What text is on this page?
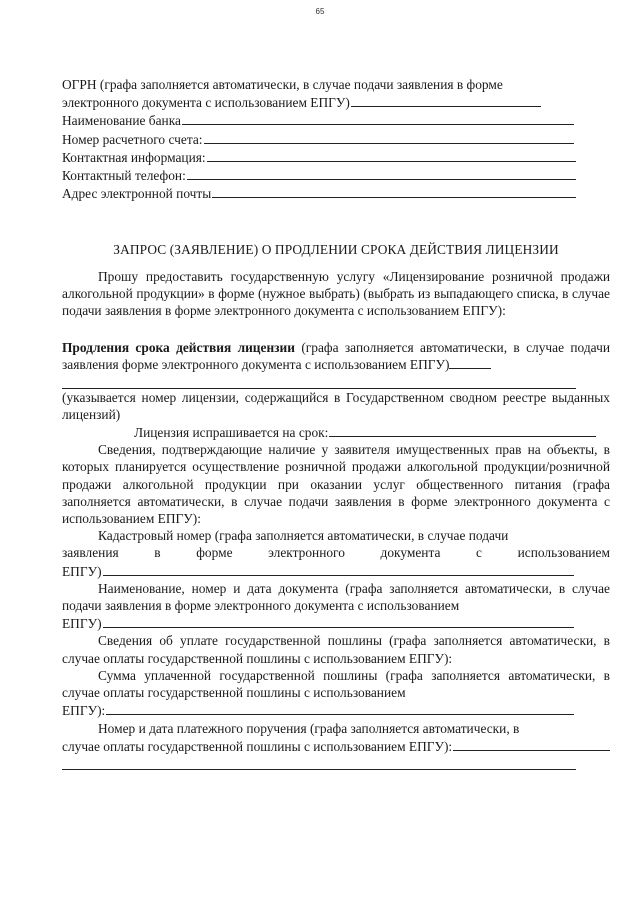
65

ОГРН (графа заполняется автоматически, в случае подачи заявления в форме

электронного документа с использованием ЕПГУ)
Наименование банка
Номер расчетного счета:
Контактная информация:
Контактный телефон:
Адрес электронной почты

ЗАПРОС (ЗАЯВЛЕНИЕ) О ПРОДЛЕНИИ СРОКА ДЕЙСТВИЯ ЛИЦЕНЗИИ

Прошу предоставить государственную услугу «Лицензирование розничной продажи алкогольной продукции» в форме (нужное выбрать) (выбрать из выпадающего списка, в случае подачи заявления в форме электронного документа с использованием ЕПГУ):

Продления срока действия лицензии (графа заполняется автоматически, в случае подачи заявления форме электронного документа с использованием ЕПГУ)

(указывается номер лицензии, содержащийся в Государственном сводном реестре выданных лицензий)

Лицензия испрашивается на срок:

Сведения, подтверждающие наличие у заявителя имущественных прав на объекты, в которых планируется осуществление розничной продажи алкогольной продукции/розничной продажи алкогольной продукции при оказании услуг общественного питания (графа заполняется автоматически, в случае подачи заявления в форме электронного документа с использованием ЕПГУ):

Кадастровый номер (графа заполняется автоматически, в случае подачи

заявления	в	форме	электронного	документа	с	использованием
ЕПГУ)

Наименование, номер и дата документа (графа заполняется автоматически, в случае подачи заявления в форме электронного документа с использованием

ЕПГУ)

Сведения об уплате государственной пошлины (графа заполняется автоматически, в случае оплаты государственной пошлины с использованием ЕПГУ):

Сумма уплаченной государственной пошлины (графа заполняется автоматически, в случае оплаты государственной пошлины с использованием

ЕПГУ):

Номер и дата платежного поручения (графа заполняется автоматически, в

случае оплаты государственной пошлины с использованием ЕПГУ):
